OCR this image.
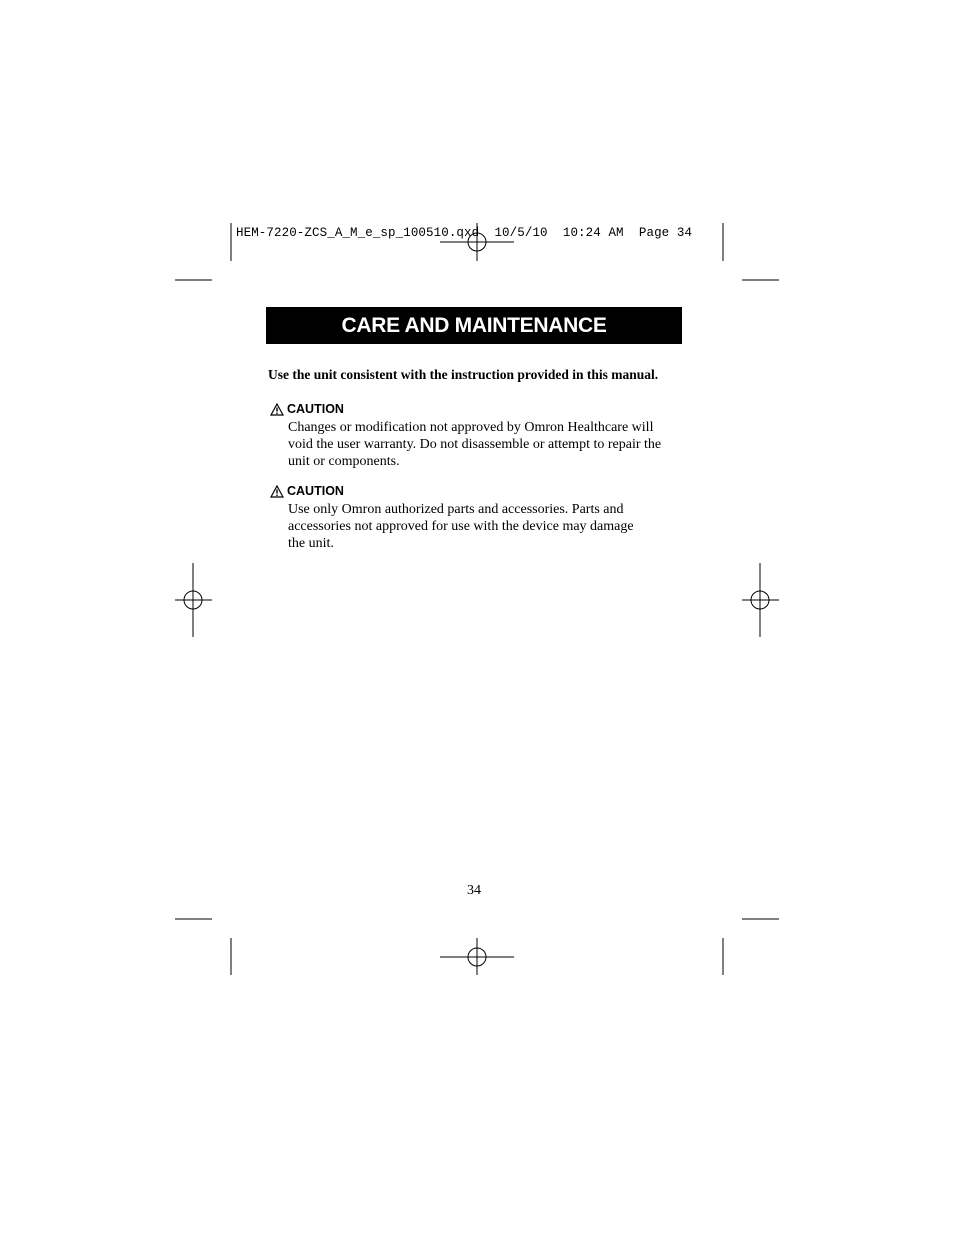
HEM-7220-ZCS_A_M_e_sp_100510.qxd  10/5/10  10:24 AM  Page 34
CARE AND MAINTENANCE
Use the unit consistent with the instruction provided in this manual.
CAUTION
Changes or modification not approved by Omron Healthcare will
void the user warranty. Do not disassemble or attempt to repair the
unit or components.
CAUTION
Use only Omron authorized parts and accessories. Parts and
accessories not approved for use with the device may damage
the unit.
34
